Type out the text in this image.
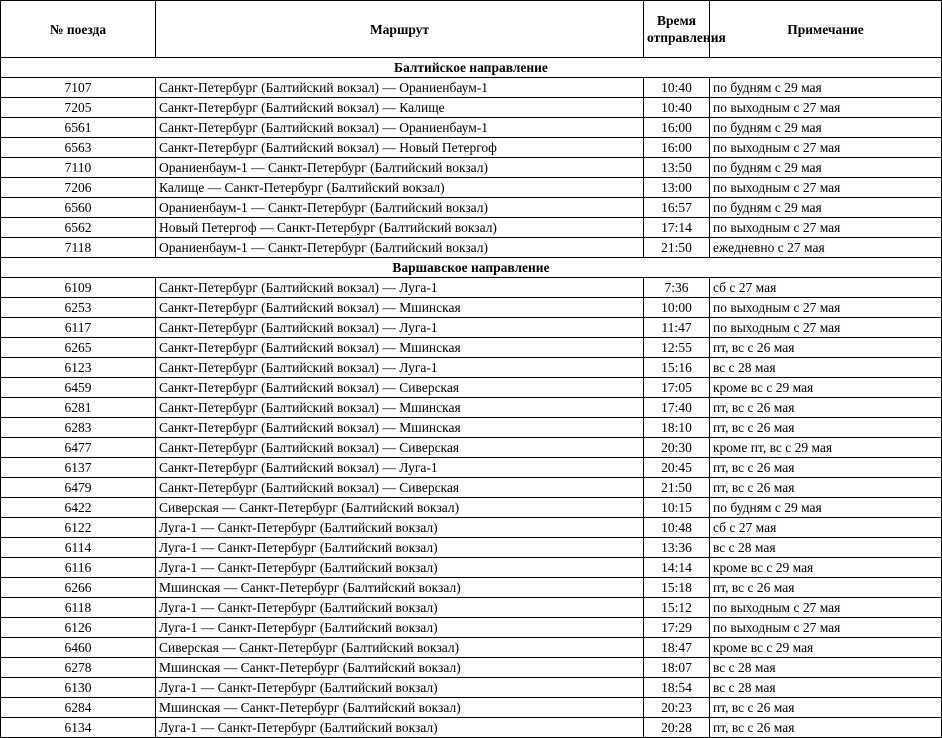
№ поезда	Маршрут	Время отправления	Примечание
Балтийское направление			
7107	Санкт-Петербург (Балтийский вокзал) — Ораниенбаум-1	10:40	по будням с 29 мая
7205	Санкт-Петербург (Балтийский вокзал) — Калище	10:40	по выходным с 27 мая
6561	Санкт-Петербург (Балтийский вокзал) — Ораниенбаум-1	16:00	по будням с 29 мая
6563	Санкт-Петербург (Балтийский вокзал) — Новый Петергоф	16:00	по выходным с 27 мая
7110	Ораниенбаум-1 — Санкт-Петербург (Балтийский вокзал)	13:50	по будням с 29 мая
7206	Калище — Санкт-Петербург (Балтийский вокзал)	13:00	по выходным с 27 мая
6560	Ораниенбаум-1 — Санкт-Петербург (Балтийский вокзал)	16:57	по будням с 29 мая
6562	Новый Петергоф — Санкт-Петербург (Балтийский вокзал)	17:14	по выходным с 27 мая
7118	Ораниенбаум-1 — Санкт-Петербург (Балтийский вокзал)	21:50	ежедневно с 27 мая
Варшавское направление			
6109	Санкт-Петербург (Балтийский вокзал) — Луга-1	7:36	сб с 27 мая
6253	Санкт-Петербург (Балтийский вокзал) — Мшинская	10:00	по выходным с 27 мая
6117	Санкт-Петербург (Балтийский вокзал) — Луга-1	11:47	по выходным с 27 мая
6265	Санкт-Петербург (Балтийский вокзал) — Мшинская	12:55	пт, вс с 26 мая
6123	Санкт-Петербург (Балтийский вокзал) — Луга-1	15:16	вс с 28 мая
6459	Санкт-Петербург (Балтийский вокзал) — Сиверская	17:05	кроме вс с 29 мая
6281	Санкт-Петербург (Балтийский вокзал) — Мшинская	17:40	пт, вс с 26 мая
6283	Санкт-Петербург (Балтийский вокзал) — Мшинская	18:10	пт, вс с 26 мая
6477	Санкт-Петербург (Балтийский вокзал) — Сиверская	20:30	кроме пт, вс с 29 мая
6137	Санкт-Петербург (Балтийский вокзал) — Луга-1	20:45	пт, вс с 26 мая
6479	Санкт-Петербург (Балтийский вокзал) — Сиверская	21:50	пт, вс с 26 мая
6422	Сиверская — Санкт-Петербург (Балтийский вокзал)	10:15	по будням с 29 мая
6122	Луга-1 — Санкт-Петербург (Балтийский вокзал)	10:48	сб с 27 мая
6114	Луга-1 — Санкт-Петербург (Балтийский вокзал)	13:36	вс с 28 мая
6116	Луга-1 — Санкт-Петербург (Балтийский вокзал)	14:14	кроме вс с 29 мая
6266	Мшинская — Санкт-Петербург (Балтийский вокзал)	15:18	пт, вс с 26 мая
6118	Луга-1 — Санкт-Петербург (Балтийский вокзал)	15:12	по выходным с 27 мая
6126	Луга-1 — Санкт-Петербург (Балтийский вокзал)	17:29	по выходным с 27 мая
6460	Сиверская — Санкт-Петербург (Балтийский вокзал)	18:47	кроме вс с 29 мая
6278	Мшинская — Санкт-Петербург (Балтийский вокзал)	18:07	вс с 28 мая
6130	Луга-1 — Санкт-Петербург (Балтийский вокзал)	18:54	вс с 28 мая
6284	Мшинская — Санкт-Петербург (Балтийский вокзал)	20:23	пт, вс с 26 мая
6134	Луга-1 — Санкт-Петербург (Балтийский вокзал)	20:28	пт, вс с 26 мая
